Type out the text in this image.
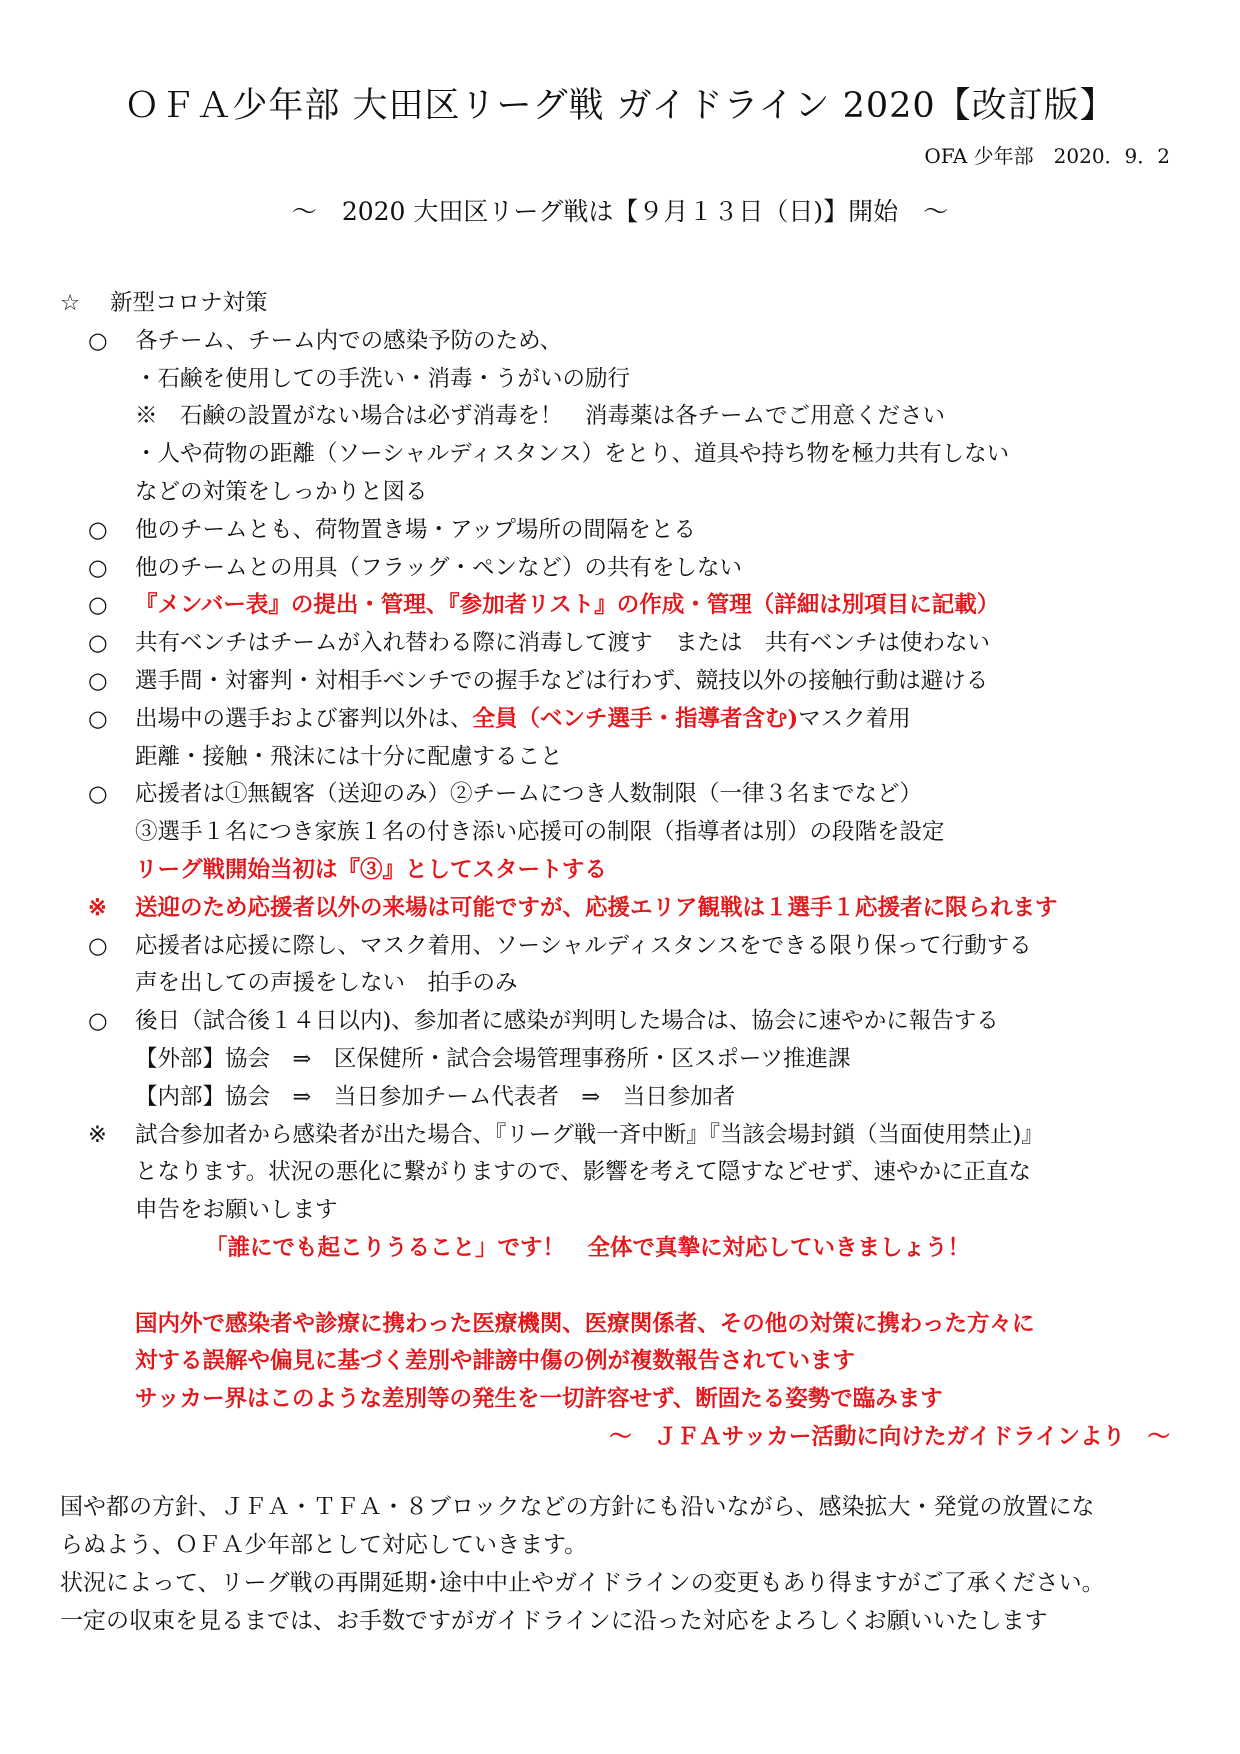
ＯＦＡ少年部 大田区リーグ戦 ガイドライン 2020【改訂版】
OFA 少年部　2020．9．2
～　2020 大田区リーグ戦は【９月１３日（日)】開始　～
☆ 新型コロナ対策
○ 各チーム、チーム内での感染予防のため、
・石鹸を使用しての手洗い・消毒・うがいの励行
※　石鹸の設置がない場合は必ず消毒を！　消毒薬は各チームでご用意ください
・人や荷物の距離（ソーシャルディスタンス）をとり、道具や持ち物を極力共有しない
などの対策をしっかりと図る
○ 他のチームとも、荷物置き場・アップ場所の間隔をとる
○ 他のチームとの用具（フラッグ・ペンなど）の共有をしない
○ 『メンバー表』の提出・管理、『参加者リスト』の作成・管理（詳細は別項目に記載）
○ 共有ベンチはチームが入れ替わる際に消毒して渡す　または　共有ベンチは使わない
○ 選手間・対審判・対相手ベンチでの握手などは行わず、競技以外の接触行動は避ける
○ 出場中の選手および審判以外は、全員（ベンチ選手・指導者含む)マスク着用
距離・接触・飛沫には十分に配慮すること
○ 応援者は①無観客（送迎のみ）②チームにつき人数制限（一律３名までなど）
③選手１名につき家族１名の付き添い応援可の制限（指導者は別）の段階を設定
リーグ戦開始当初は『③』としてスタートする
※ 送迎のため応援者以外の来場は可能ですが、応援エリア観戦は１選手１応援者に限られます
○ 応援者は応援に際し、マスク着用、ソーシャルディスタンスをできる限り保って行動する
声を出しての声援をしない　拍手のみ
○ 後日（試合後１４日以内)、参加者に感染が判明した場合は、協会に速やかに報告する
【外部】協会　⇒　区保健所・試合会場管理事務所・区スポーツ推進課
【内部】協会　⇒　当日参加チーム代表者　⇒　当日参加者
※ 試合参加者から感染者が出た場合、『リーグ戦一斉中断』『当該会場封鎖（当面使用禁止)』
となります。状況の悪化に繋がりますので、影響を考えて隠すなどせず、速やかに正直な
申告をお願いします
「誰にでも起こりうること」です！　全体で真摯に対応していきましょう！
国内外で感染者や診療に携わった医療機関、医療関係者、その他の対策に携わった方々に
対する誤解や偏見に基づく差別や誹謗中傷の例が複数報告されています
サッカー界はこのような差別等の発生を一切許容せず、断固たる姿勢で臨みます
～　ＪＦＡサッカー活動に向けたガイドラインより　～
国や都の方針、ＪＦＡ・ＴＦＡ・８ブロックなどの方針にも沿いながら、感染拡大・発覚の放置にな
らぬよう、ＯＦＡ少年部として対応していきます。
状況によって、リーグ戦の再開延期･途中中止やガイドラインの変更もあり得ますがご了承ください。
一定の収束を見るまでは、お手数ですがガイドラインに沿った対応をよろしくお願いいたします
